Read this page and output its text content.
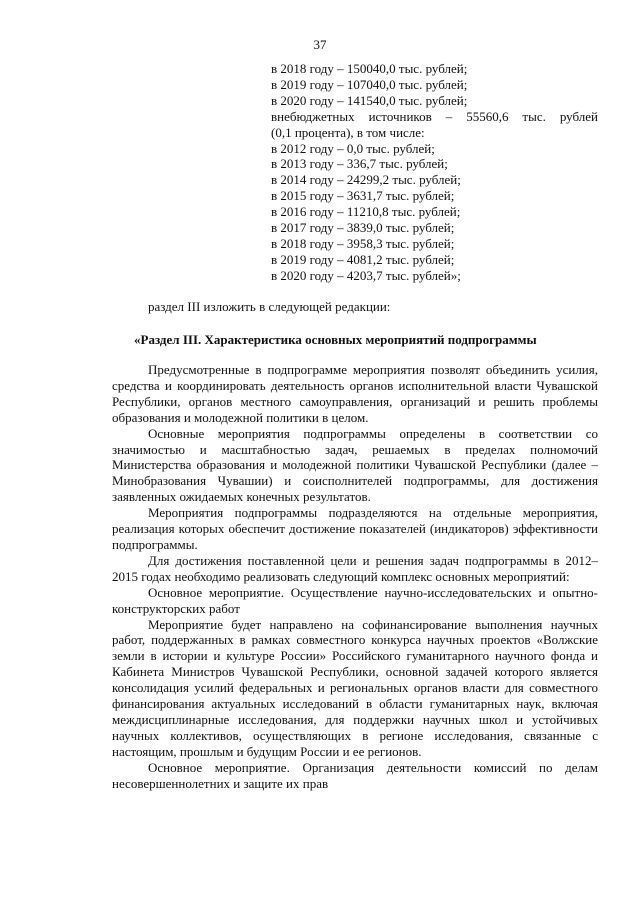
37
в 2018 году – 150040,0 тыс. рублей;
в 2019 году – 107040,0 тыс. рублей;
в 2020 году – 141540,0 тыс. рублей;
внебюджетных источников – 55560,6 тыс. рублей
(0,1 процента), в том числе:
в 2012 году – 0,0 тыс. рублей;
в 2013 году – 336,7 тыс. рублей;
в 2014 году – 24299,2 тыс. рублей;
в 2015 году – 3631,7 тыс. рублей;
в 2016 году – 11210,8 тыс. рублей;
в 2017 году – 3839,0 тыс. рублей;
в 2018 году – 3958,3 тыс. рублей;
в 2019 году – 4081,2 тыс. рублей;
в 2020 году – 4203,7 тыс. рублей»;
раздел III изложить в следующей редакции:
«Раздел III. Характеристика основных мероприятий подпрограммы

Предусмотренные в подпрограмме мероприятия позволят объединить усилия, средства и координировать деятельность органов исполнительной власти Чувашской Республики, органов местного самоуправления, организаций и решить проблемы образования и молодежной политики в целом.

Основные мероприятия подпрограммы определены в соответствии со значимостью и масштабностью задач, решаемых в пределах полномочий Министерства образования и молодежной политики Чувашской Республики (далее – Минобразования Чувашии) и соисполнителей подпрограммы, для достижения заявленных ожидаемых конечных результатов.

Мероприятия подпрограммы подразделяются на отдельные мероприятия, реализация которых обеспечит достижение показателей (индикаторов) эффективности подпрограммы.

Для достижения поставленной цели и решения задач подпрограммы в 2012–2015 годах необходимо реализовать следующий комплекс основных мероприятий:

Основное мероприятие. Осуществление научно-исследовательских и опытно-конструкторских работ

Мероприятие будет направлено на софинансирование выполнения научных работ, поддержанных в рамках совместного конкурса научных проектов «Волжские земли в истории и культуре России» Российского гуманитарного научного фонда и Кабинета Министров Чувашской Республики, основной задачей которого является консолидация усилий федеральных и региональных органов власти для совместного финансирования актуальных исследований в области гуманитарных наук, включая междисциплинарные исследования, для поддержки научных школ и устойчивых научных коллективов, осуществляющих в регионе исследования, связанные с настоящим, прошлым и будущим России и ее регионов.

Основное мероприятие. Организация деятельности комиссий по делам несовершеннолетних и защите их прав
